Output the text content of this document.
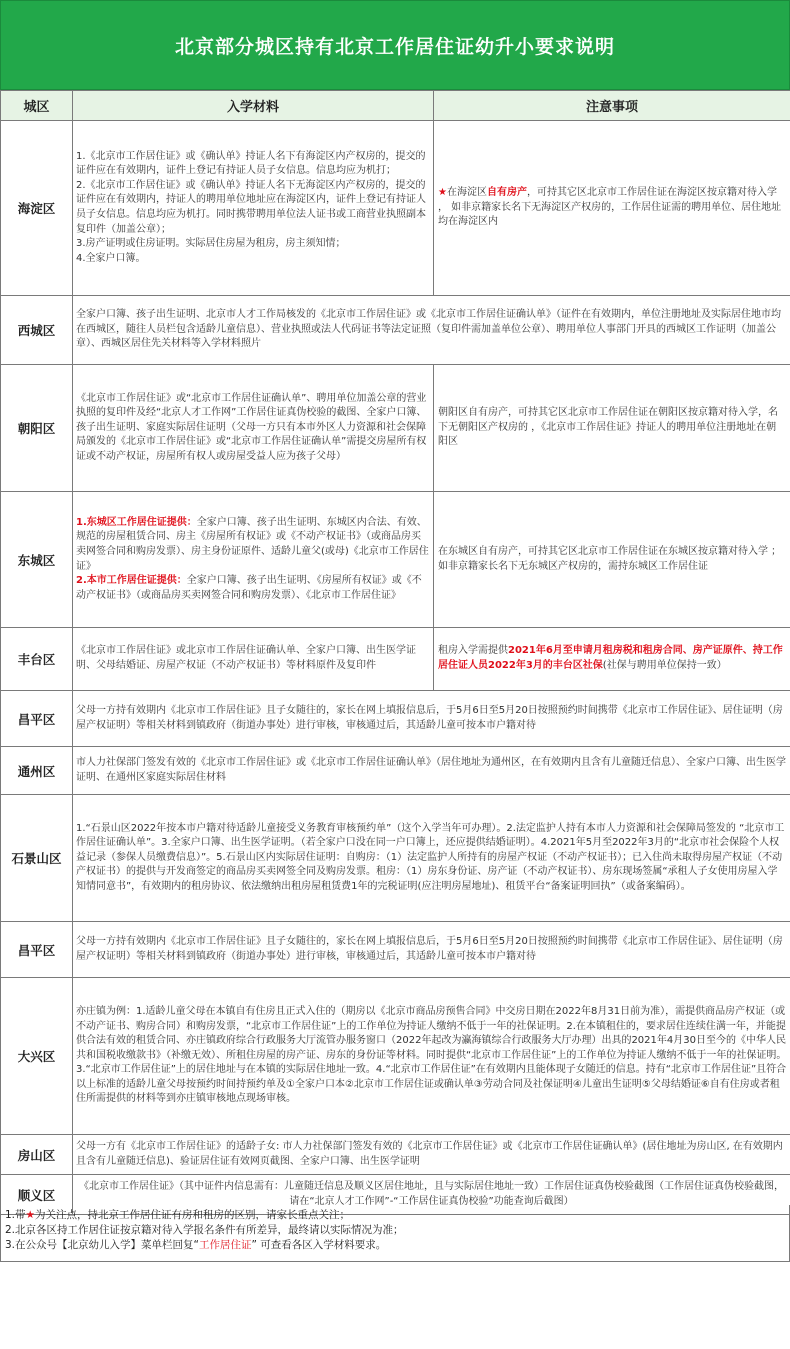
北京部分城区持有北京工作居住证幼升小要求说明
城区	入学材料	注意事项
海淀区	1.《北京市工作居住证》或《确认单》持证人名下有海淀区内产权房的，提交的证件应在有效期内，证件上登记有持证人员子女信息。信息均应为机打；
2.《北京市工作居住证》或《确认单》持证人名下无海淀区内产权房的，提交的证件应在有效期内，持证人的聘用单位地址应在海淀区内，证件上登记有持证人员子女信息。信息均应为机打。同时携带聘用单位法人证书或工商营业执照副本复印件（加盖公章）；
3.房产证明或住房证明。实际居住房屋为租房，房主须知情；
4.全家户口簿。	★在海淀区自有房产，可持其它区北京市工作居住证在海淀区按京籍对待入学 ， 如非京籍家长名下无海淀区产权房的，工作居住证需的聘用单位、居住地址均在海淀区内
西城区	全家户口簿、孩子出生证明、北京市人才工作局核发的《北京市工作居住证》或《北京市工作居住证确认单》（证件在有效期内，单位注册地址及实际居住地市均在西城区，随往人员栏包含适龄儿童信息）、营业执照或法人代码证书等法定证照（复印件需加盖单位公章）、聘用单位人事部门开具的西城区工作证明（加盖公章）、西城区居住先关材料等入学材料照片	
朝阳区	《北京市工作居住证》或“北京市工作居住证确认单”、聘用单位加盖公章的营业执照的复印件及经“北京人才工作网”工作居住证真伪校验的截图、全家户口簿、孩子出生证明、家庭实际居住证明（父母一方只有本市外区人力资源和社会保障局颁发的《北京市工作居住证》或“北京市工作居住证确认单”需提交房屋所有权证或不动产权证，房屋所有权人或房屋受益人应为孩子父母）	朝阳区自有房产，可持其它区北京市工作居住证在朝阳区按京籍对待入学，名下无朝阳区产权房的 ，《北京市工作居住证》持证人的聘用单位注册地址在朝阳区
东城区	1.东城区工作居住证提供：全家户口簿、孩子出生证明、东城区内合法、有效、规范的房屋租赁合同、房主《房屋所有权证》或《不动产权证书》（或商品房买卖网签合同和购房发票）、房主身份证原件、适龄儿童父(或母)《北京市工作居住证》
2.本市工作居住证提供：全家户口簿、孩子出生证明、《房屋所有权证》或《不动产权证书》（或商品房买卖网签合同和购房发票）、《北京市工作居住证》	在东城区自有房产，可持其它区北京市工作居住证在东城区按京籍对待入学 ；如非京籍家长名下无东城区产权房的，需持东城区工作居住证
丰台区	《北京市工作居住证》或北京市工作居住证确认单、全家户口簿、出生医学证明、父母结婚证、房屋产权证（不动产权证书）等材料原件及复印件	租房入学需提供2021年6月至申请月租房税和租房合同、房产证原件、持工作居住证人员2022年3月的丰台区社保(社保与聘用单位保持一致）
昌平区	父母一方持有效期内《北京市工作居住证》且子女随往的，家长在网上填报信息后，于5月6日至5月20日按照预约时间携带《北京市工作居住证》、居住证明（房屋产权证明）等相关材料到镇政府（街道办事处）进行审核，审核通过后，其适龄儿童可按本市户籍对待	
通州区	市人力社保部门签发有效的《北京市工作居住证》或《北京市工作居住证确认单》（居住地址为通州区，在有效期内且含有儿童随迁信息）、全家户口簿、出生医学证明、在通州区家庭实际居住材料	
石景山区	1.“石景山区2022年按本市户籍对待适龄儿童接受义务教育审核预约单”（这个入学当年可办理）。2.法定监护人持有本市人力资源和社会保障局签发的 “北京市工作居住证确认单”。3.全家户口簿、出生医学证明。（若全家户口没在同一户口簿上，还应提供结婚证明）。4.2021年5月至2022年3月的“北京市社会保险个人权益记录（参保人员缴费信息）”。5.石景山区内实际居住证明：自购房：（1）法定监护人所持有的房屋产权证（不动产权证书）；已入住尚未取得房屋产权证（不动产权证书）的提供与开发商签定的商品房买卖网签全同及购房发票。租房：（1）房东身份证、房产证（不动产权证书）、房东现场签属“承租人子女使用房屋入学知情同意书”，有效期内的租房协议、依法缴纳出租房屋租赁费1年的完税证明(应注明房屋地址)、租赁平台“备案证明回执”（或备案编码）。	
昌平区	父母一方持有效期内《北京市工作居住证》且子女随往的，家长在网上填报信息后，于5月6日至5月20日按照预约时间携带《北京市工作居住证》、居住证明（房屋产权证明）等相关材料到镇政府（街道办事处）进行审核，审核通过后，其适龄儿童可按本市户籍对待	
大兴区	亦庄镇为例：1.适龄儿童父母在本镇自有住房且正式入住的（期房以《北京市商品房预售合同》中交房日期在2022年8月31日前为准），需提供商品房产权证（或不动产证书、购房合同）和购房发票，“北京市工作居住证”上的工作单位为持证人缴纳不低于一年的社保证明。2.在本镇租住的，要求居住连续住满一年，并能提供合法有效的租赁合同、亦庄镇政府综合行政服务大厅流管办服务窗口（2022年起改为瀛海镇综合行政服务大厅办理）出具的2021年4月30日至今的《中华人民共和国税收缴款书》（补缴无效）、所租住房屋的房产证、房东的身份证等材料。同时提供“北京市工作居住证”上的工作单位为持证人缴纳不低于一年的社保证明。3.“北京市工作居住证”上的居住地址与在本镇的实际居住地址一致。4.“北京市工作居住证”在有效期内且能体现子女随迁的信息。持有“北京市工作居住证”且符合以上标准的适龄儿童父母按预约时间持预约单及①全家户口本②北京市工作居住证或确认单③劳动合同及社保证明④儿童出生证明⑤父母结婚证⑥自有住房或者租住所需提供的材料等到亦庄镇审核地点现场审核。	
房山区	父母一方有《北京市工作居住证》的适龄子女: 市人力社保部门签发有效的《北京市工作居住证》或《北京市工作居住证确认单》(居住地址为房山区, 在有效期内且含有儿童随迁信息)、验证居住证有效网页截图、全家户口簿、出生医学证明	
顺义区	《北京市工作居住证》（其中证件内信息需有：儿童随迁信息及顺义区居住地址，且与实际居住地址一致）工作居住证真伪校验截图（工作居住证真伪校验截图，请在“北京人才工作网”-“工作居住证真伪校验”功能查询后截图）	
1.带★为关注点，持北京工作居住证有房和租房的区别，请家长重点关注；
2.北京各区持工作居住证按京籍对待入学报名条件有所差异，最终请以实际情况为准；
3.在公众号【北京幼儿入学】菜单栏回复“工作居住证” 可查看各区入学材料要求。
